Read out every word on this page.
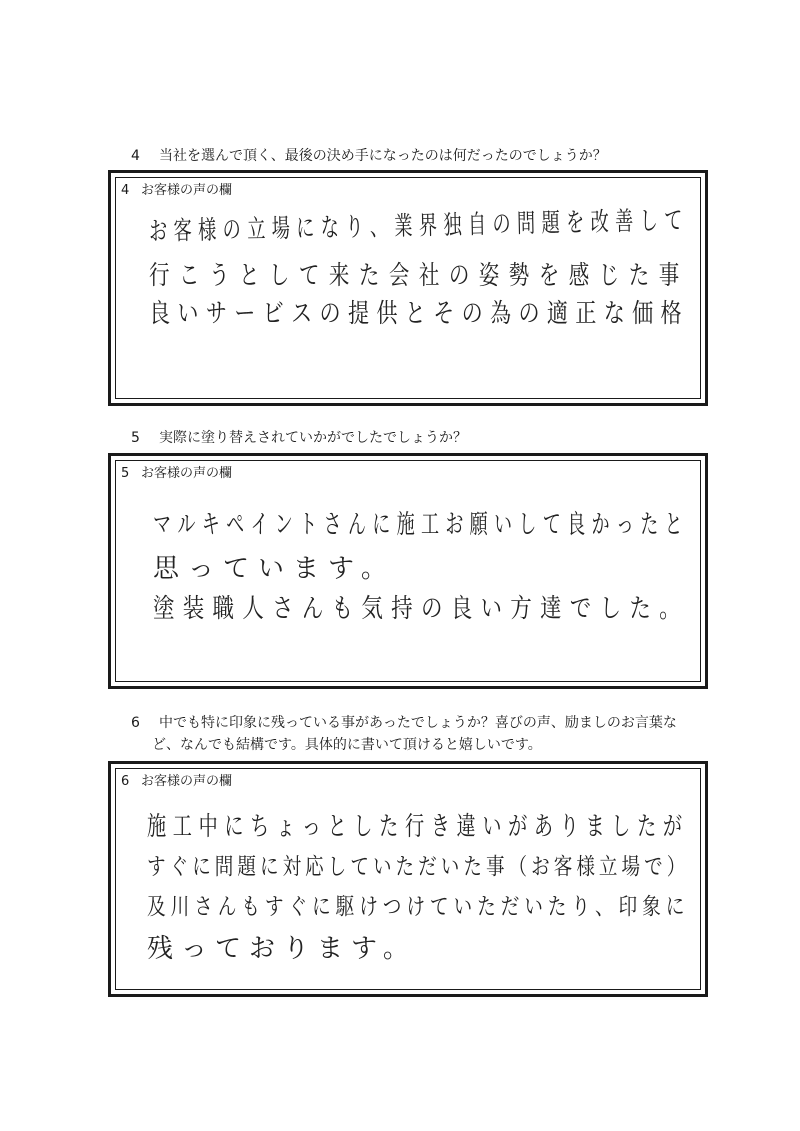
4 当社を選んで頂く、最後の決め手になったのは何だったのでしょうか？
4 お客様の声の欄
お客様の立場になり、業界独自の問題を改善して
行こうとして来た会社の姿勢を感じた事
良いサービスの提供とその為の適正な価格
5 実際に塗り替えされていかがでしたでしょうか？
5 お客様の声の欄
マルキペイントさんに施工お願いして良かったと
思っています。
塗装職人さんも気持の良い方達でした。
6 中でも特に印象に残っている事があったでしょうか？喜びの声、励ましのお言葉な
ど、なんでも結構です。具体的に書いて頂けると嬉しいです。
6 お客様の声の欄
施工中にちょっとした行き違いがありましたが
すぐに問題に対応していただいた事（お客様立場で）
及川さんもすぐに駆けつけていただいたり、印象に
残っております。
